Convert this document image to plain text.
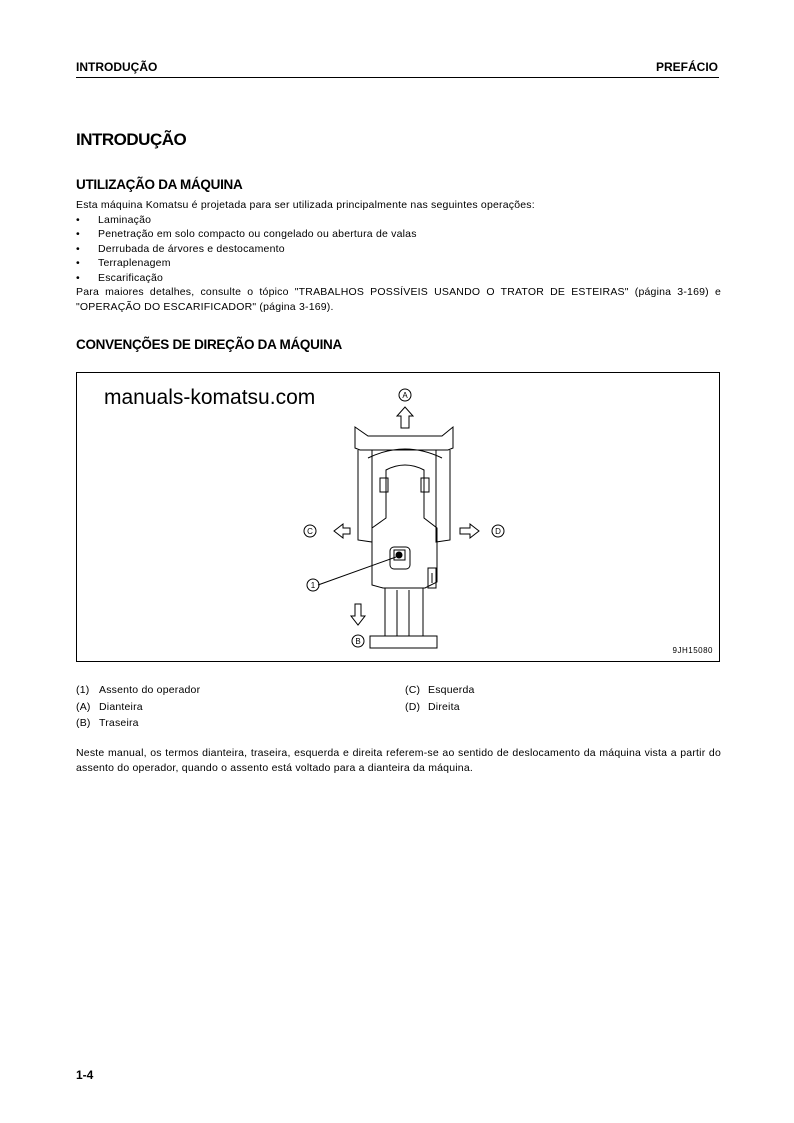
INTRODUÇÃO	PREFÁCIO
INTRODUÇÃO
UTILIZAÇÃO DA MÁQUINA
Esta máquina Komatsu é projetada para ser utilizada principalmente nas seguintes operações:
• Laminação
• Penetração em solo compacto ou congelado ou abertura de valas
• Derrubada de árvores e destocamento
• Terraplenagem
• Escarificação
Para maiores detalhes, consulte o tópico "TRABALHOS POSSÍVEIS USANDO O TRATOR DE ESTEIRAS" (página 3-169) e "OPERAÇÃO DO ESCARIFICADOR" (página 3-169).
CONVENÇÕES DE DIREÇÃO DA MÁQUINA
A
1
C	D
B
manuals-komatsu.com
9JH15080
(1) Assento do operador
(A) Dianteira
(B) Traseira
(C) Esquerda
(D) Direita
Neste manual, os termos dianteira, traseira, esquerda e direita referem-se ao sentido de deslocamento da máquina vista a partir do assento do operador, quando o assento está voltado para a dianteira da máquina.
1-4
